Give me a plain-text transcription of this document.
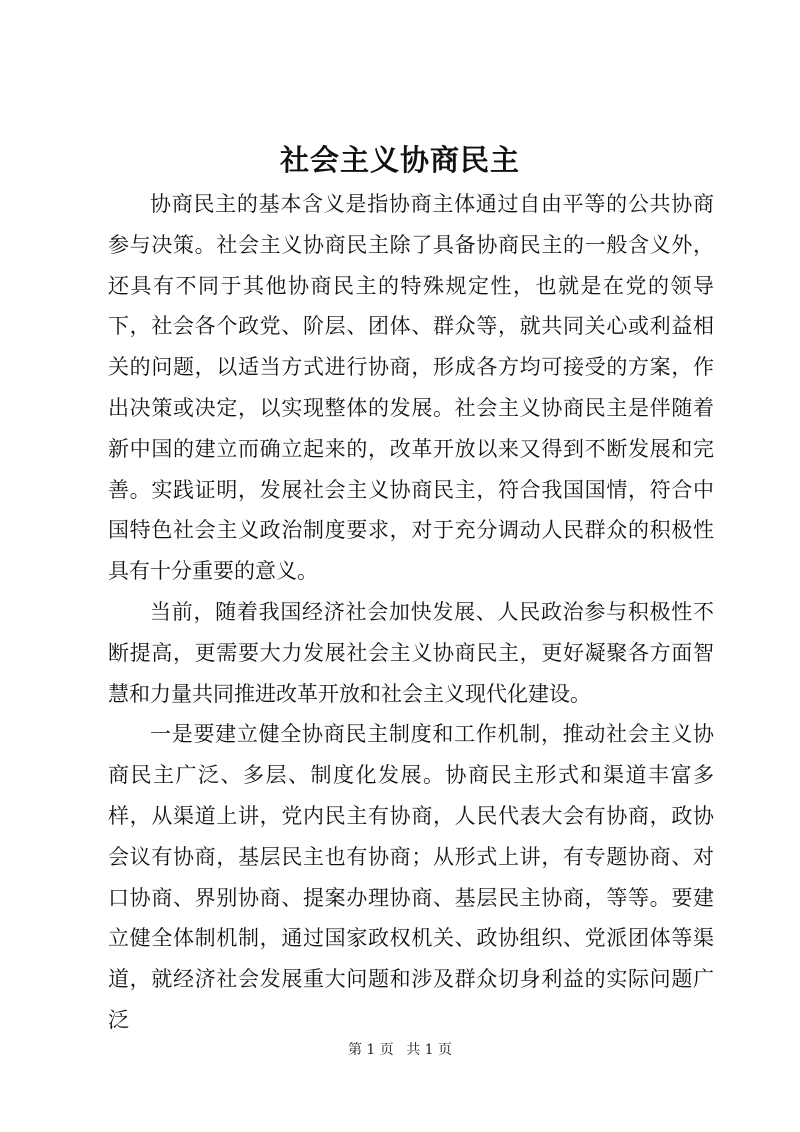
社会主义协商民主

协商民主的基本含义是指协商主体通过自由平等的公共协商参与决策。社会主义协商民主除了具备协商民主的一般含义外，还具有不同于其他协商民主的特殊规定性，也就是在党的领导下，社会各个政党、阶层、团体、群众等，就共同关心或利益相关的问题，以适当方式进行协商，形成各方均可接受的方案，作出决策或决定，以实现整体的发展。社会主义协商民主是伴随着新中国的建立而确立起来的，改革开放以来又得到不断发展和完善。实践证明，发展社会主义协商民主，符合我国国情，符合中国特色社会主义政治制度要求，对于充分调动人民群众的积极性具有十分重要的意义。

当前，随着我国经济社会加快发展、人民政治参与积极性不断提高，更需要大力发展社会主义协商民主，更好凝聚各方面智慧和力量共同推进改革开放和社会主义现代化建设。

一是要建立健全协商民主制度和工作机制，推动社会主义协商民主广泛、多层、制度化发展。协商民主形式和渠道丰富多样，从渠道上讲，党内民主有协商，人民代表大会有协商，政协会议有协商，基层民主也有协商；从形式上讲，有专题协商、对口协商、界别协商、提案办理协商、基层民主协商，等等。要建立健全体制机制，通过国家政权机关、政协组织、党派团体等渠道，就经济社会发展重大问题和涉及群众切身利益的实际问题广泛

第 1 页 共 1 页
